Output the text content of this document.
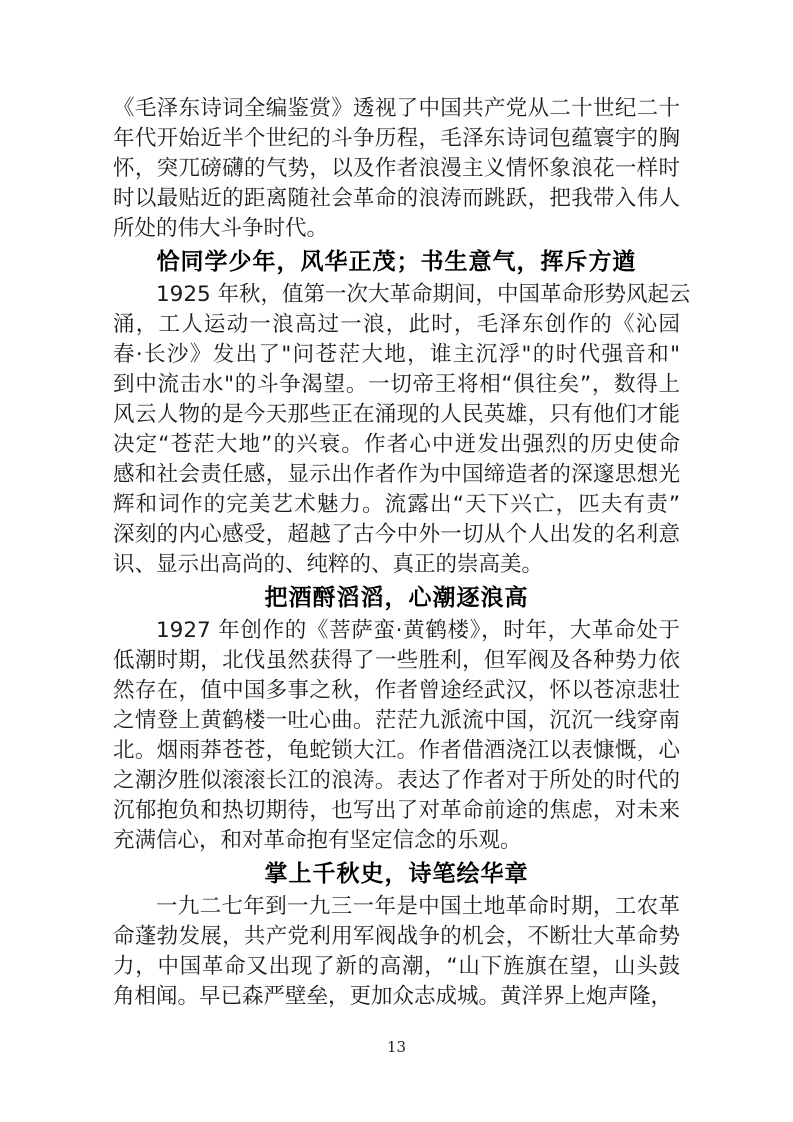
《毛泽东诗词全编鉴赏》透视了中国共产党从二十世纪二十
年代开始近半个世纪的斗争历程，毛泽东诗词包蕴寰宇的胸
怀，突兀磅礴的气势，以及作者浪漫主义情怀象浪花一样时
时以最贴近的距离随社会革命的浪涛而跳跃，把我带入伟人
所处的伟大斗争时代。
恰同学少年，风华正茂；书生意气，挥斥方遒
1925 年秋，值第一次大革命期间，中国革命形势风起云
涌，工人运动一浪高过一浪，此时，毛泽东创作的《沁园
春·长沙》发出了"问苍茫大地，谁主沉浮"的时代强音和"
到中流击水"的斗争渴望。一切帝王将相“俱往矣”，数得上
风云人物的是今天那些正在涌现的人民英雄，只有他们才能
决定“苍茫大地”的兴衰。作者心中迸发出强烈的历史使命
感和社会责任感，显示出作者作为中国缔造者的深邃思想光
辉和词作的完美艺术魅力。流露出“天下兴亡，匹夫有责”
深刻的内心感受，超越了古今中外一切从个人出发的名利意
识、显示出高尚的、纯粹的、真正的崇高美。
把酒酹滔滔，心潮逐浪高
1927 年创作的《菩萨蛮·黄鹤楼》，时年，大革命处于
低潮时期，北伐虽然获得了一些胜利，但军阀及各种势力依
然存在，值中国多事之秋，作者曾途经武汉，怀以苍凉悲壮
之情登上黄鹤楼一吐心曲。茫茫九派流中国，沉沉一线穿南
北。烟雨莽苍苍，龟蛇锁大江。作者借酒浇江以表慷慨，心
之潮汐胜似滚滚长江的浪涛。表达了作者对于所处的时代的
沉郁抱负和热切期待，也写出了对革命前途的焦虑，对未来
充满信心，和对革命抱有坚定信念的乐观。
掌上千秋史，诗笔绘华章
一九二七年到一九三一年是中国土地革命时期，工农革
命蓬勃发展，共产党利用军阀战争的机会，不断壮大革命势
力，中国革命又出现了新的高潮，“山下旌旗在望，山头鼓
角相闻。早已森严壁垒，更加众志成城。黄洋界上炮声隆，
13
